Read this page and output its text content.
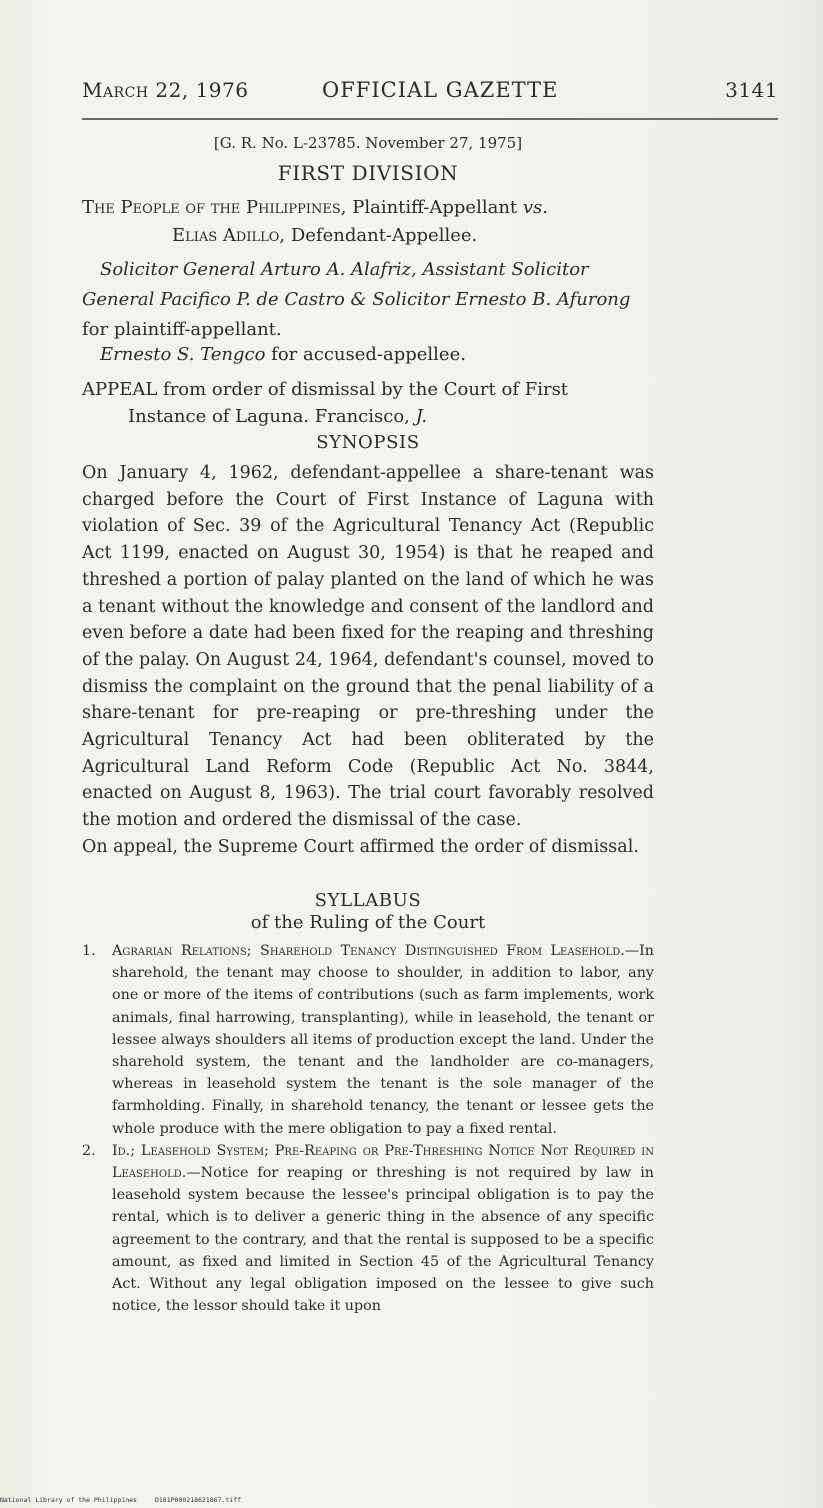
March 22, 1976	OFFICIAL GAZETTE	3141
[G. R. No. L-23785. November 27, 1975]
FIRST DIVISION
The People of the Philippines, Plaintiff-Appellant vs.
Elias Adillo, Defendant-Appellee.
Solicitor General Arturo A. Alafriz, Assistant Solicitor General Pacifico P. de Castro & Solicitor Ernesto B. Afurong for plaintiff-appellant.
Ernesto S. Tengco for accused-appellee.
APPEAL from order of dismissal by the Court of First
Instance of Laguna. Francisco, J.
SYNOPSIS

On January 4, 1962, defendant-appellee a share-tenant was charged before the Court of First Instance of Laguna with violation of Sec. 39 of the Agricultural Tenancy Act (Republic Act 1199, enacted on August 30, 1954) is that he reaped and threshed a portion of palay planted on the land of which he was a tenant without the knowledge and consent of the landlord and even before a date had been fixed for the reaping and threshing of the palay. On August 24, 1964, defendant's counsel, moved to dismiss the complaint on the ground that the penal liability of a share-tenant for pre-reaping or pre-threshing under the Agricultural Tenancy Act had been obliterated by the Agricultural Land Reform Code (Republic Act No. 3844, enacted on August 8, 1963). The trial court favorably resolved the motion and ordered the dismissal of the case.

On appeal, the Supreme Court affirmed the order of dismissal.

SYLLABUS
of the Ruling of the Court
1. Agrarian Relations; Sharehold Tenancy Distinguished From Leasehold.—In sharehold, the tenant may choose to shoulder, in addition to labor, any one or more of the items of contributions (such as farm implements, work animals, final harrowing, transplanting), while in leasehold, the tenant or lessee always shoulders all items of production except the land. Under the sharehold system, the tenant and the landholder are co-managers, whereas in leasehold system the tenant is the sole manager of the farmholding. Finally, in sharehold tenancy, the tenant or lessee gets the whole produce with the mere obligation to pay a fixed rental.
2. Id.; Leasehold System; Pre-Reaping or Pre-Threshing Notice Not Required in Leasehold.—Notice for reaping or threshing is not required by law in leasehold system because the lessee's principal obligation is to pay the rental, which is to deliver a generic thing in the absence of any specific agreement to the contrary, and that the rental is supposed to be a specific amount, as fixed and limited in Section 45 of the Agricultural Tenancy Act. Without any legal obligation imposed on the lessee to give such notice, the lessor should take it upon
National Library of the Philippines	D181P000218621867.tiff
